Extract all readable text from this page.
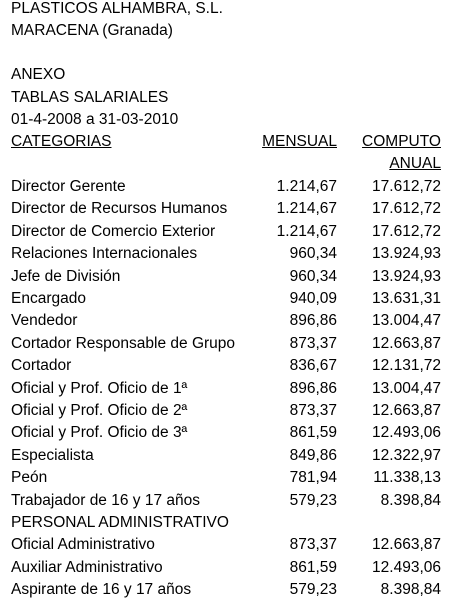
PLASTICOS ALHAMBRA, S.L.
MARACENA (Granada)
ANEXO
TABLAS SALARIALES
01-4-2008 a 31-03-2010
CATEGORIAS	MENSUAL COMPUTO
ANUAL
Director Gerente	1.214,67 17.612,72
Director de Recursos Humanos	1.214,67 17.612,72
Director de Comercio Exterior	1.214,67 17.612,72
Relaciones Internacionales	960,34 13.924,93
Jefe de División	960,34 13.924,93
Encargado	940,09 13.631,31
Vendedor	896,86 13.004,47
Cortador Responsable de Grupo	873,37 12.663,87
Cortador	836,67 12.131,72
Oficial y Prof. Oficio de 1ª	896,86 13.004,47
Oficial y Prof. Oficio de 2ª	873,37 12.663,87
Oficial y Prof. Oficio de 3ª	861,59 12.493,06
Especialista	849,86 12.322,97
Peón	781,94 11.338,13
Trabajador de 16 y 17 años	579,23	8.398,84
PERSONAL ADMINISTRATIVO
Oficial Administrativo	873,37 12.663,87
Auxiliar Administrativo	861,59 12.493,06
Aspirante de 16 y 17 años	579,23	8.398,84
